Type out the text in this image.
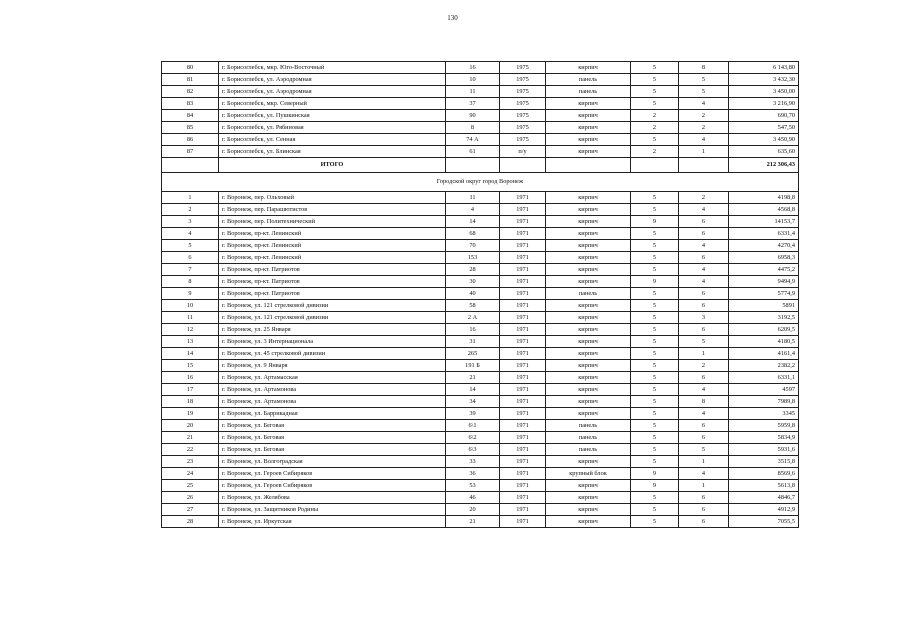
130
80	г. Борисоглебск, мкр. Юго-Восточный	16	1975	кирпич	5	8	6 143,80
81	г. Борисоглебск, ул. Аэродромная	10	1975	панель	5	5	3 432,30
82	г. Борисоглебск, ул. Аэродромная	11	1975	панель	5	5	3 450,00
83	г. Борисоглебск, мкр. Северный	37	1975	кирпич	5	4	3 216,90
84	г. Борисоглебск, ул. Пушкинская	90	1975	кирпич	2	2	690,70
85	г. Борисоглебск, ул. Рябиновая	8	1975	кирпич	2	2	547,50
86	г. Борисоглебск, ул. Сенная	74 А	1975	кирпич	5	4	3 450,90
87	г. Борисоглебск, ул. Блинская	61	п/у	кирпич	2	1	635,60
	ИТОГО						212 306,43
Городской округ город Воронеж							
1	г. Воронеж, пер. Ольховый	11	1971	кирпич	5	2	4198,8
2	г. Воронеж, пер. Парашютистов	4	1971	кирпич	5	4	4568,8
3	г. Воронеж, пер. Политехнический	14	1971	кирпич	9	6	14153,7
4	г. Воронеж, пр-кт. Ленинский	68	1971	кирпич	5	6	6331,4
5	г. Воронеж, пр-кт. Ленинский	70	1971	кирпич	5	4	4270,4
6	г. Воронеж, пр-кт. Ленинский	153	1971	кирпич	5	6	6958,3
7	г. Воронеж, пр-кт. Патриотов	28	1971	кирпич	5	4	4475,2
8	г. Воронеж, пр-кт. Патриотов	30	1971	кирпич	9	4	9494,9
9	г. Воронеж, пр-кт. Патриотов	40	1971	панель	5	6	5774,9
10	г. Воронеж, ул. 121 стрелковой дивизии	58	1971	кирпич	5	6	5891
11	г. Воронеж, ул. 121 стрелковой дивизии	2 А	1971	кирпич	5	3	3192,5
12	г. Воронеж, ул. 25 Января	16	1971	кирпич	5	6	6209,5
13	г. Воронеж, ул. 3 Интернационала	31	1971	кирпич	5	5	4180,5
14	г. Воронеж, ул. 45 стрелковой дивизии	265	1971	кирпич	5	1	4161,4
15	г. Воронеж, ул. 9 Января	191 Б	1971	кирпич	5	2	2382,2
16	г. Воронеж, ул. Артамасская	21	1971	кирпич	5	6	6331,1
17	г. Воронеж, ул. Артамонова	14	1971	кирпич	5	4	4597
18	г. Воронеж, ул. Артамонова	34	1971	кирпич	5	8	7989,8
19	г. Воронеж, ул. Баррикадная	39	1971	кирпич	5	4	3345
20	г. Воронеж, ул. Беговая	6\1	1971	панель	5	6	5959,8
21	г. Воронеж, ул. Беговая	6\2	1971	панель	5	6	5834,9
22	г. Воронеж, ул. Беговая	6\3	1971	панель	5	5	5931,6
23	г. Воронеж, ул. Волгоградская	33	1971	кирпич	5	1	3515,8
24	г. Воронеж, ул. Героев Сибиряков	36	1971	крупный блок	9	4	8569,6
25	г. Воронеж, ул. Героев Сибиряков	53	1971	кирпич	9	1	5613,8
26	г. Воронеж, ул. Желябова	46	1971	кирпич	5	6	4846,7
27	г. Воронеж, ул. Защитников Родины	20	1971	кирпич	5	6	4912,9
28	г. Воронеж, ул. Иркутская	21	1971	кирпич	5	6	7055,5
